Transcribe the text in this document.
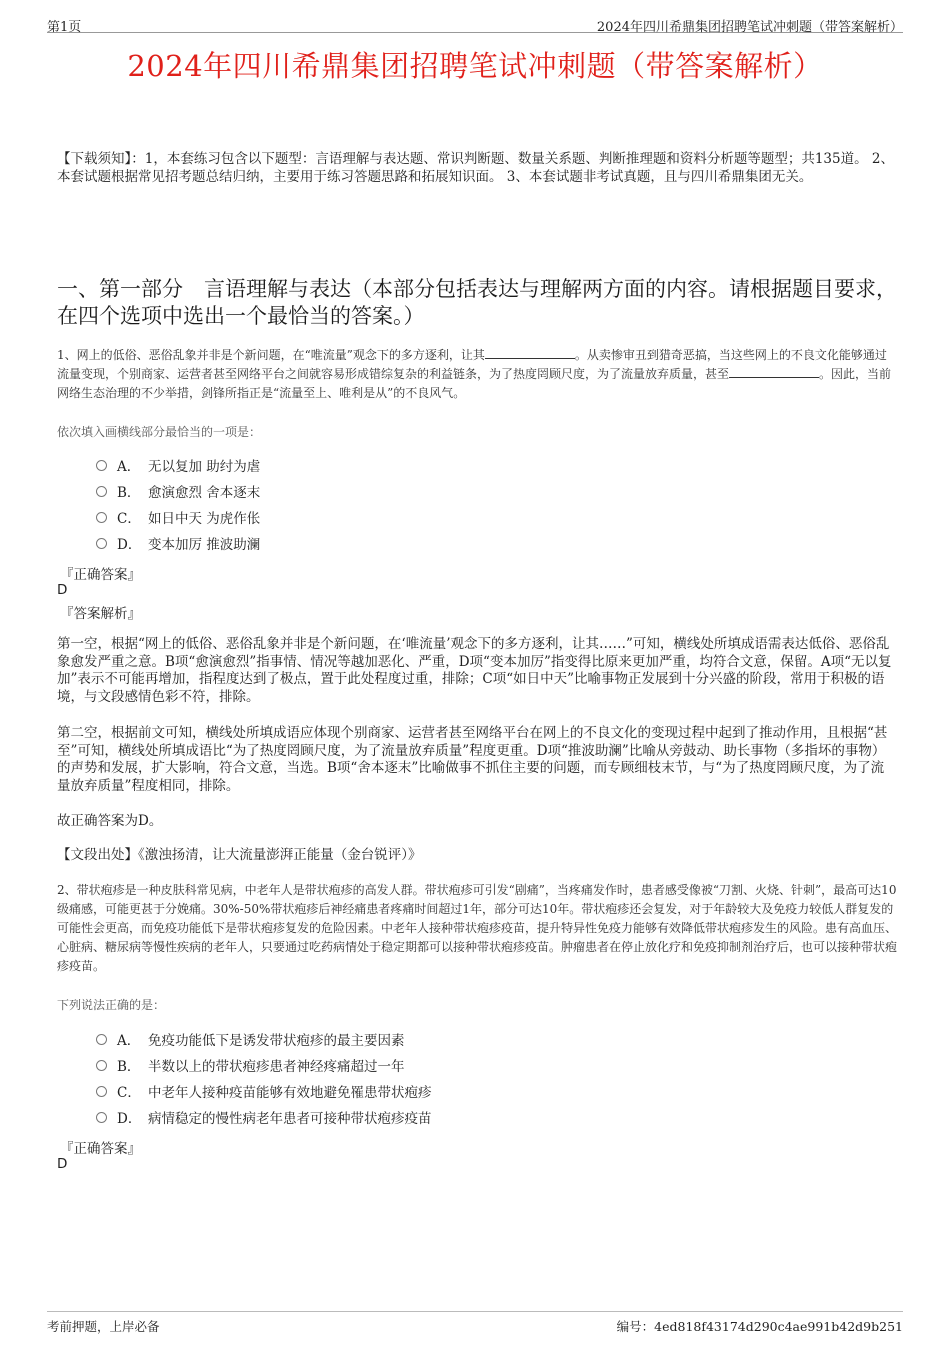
第1页	2024年四川希鼎集团招聘笔试冲刺题（带答案解析）
2024年四川希鼎集团招聘笔试冲刺题（带答案解析）
【下载须知】：1，本套练习包含以下题型：言语理解与表达题、常识判断题、数量关系题、判断推理题和资料分析题等题型；共135道。 2、本套试题根据常见招考题总结归纳，主要用于练习答题思路和拓展知识面。 3、本套试题非考试真题，且与四川希鼎集团无关。
一、第一部分　言语理解与表达（本部分包括表达与理解两方面的内容。请根据题目要求，在四个选项中选出一个最恰当的答案。）
1、网上的低俗、恶俗乱象并非是个新问题，在“唯流量”观念下的多方逐利，让其	。从卖惨审丑到猎奇恶搞，当这些网上的不良文化能够通过流量变现，个别商家、运营者甚至网络平台之间就容易形成错综复杂的利益链条，为了热度罔顾尺度，为了流量放弃质量，甚至	。因此，当前网络生态治理的不少举措，剑锋所指正是“流量至上、唯利是从”的不良风气。
依次填入画横线部分最恰当的一项是：
A． 无以复加 助纣为虐
B． 愈演愈烈 舍本逐末
C． 如日中天 为虎作伥
D． 变本加厉 推波助澜
『正确答案』
D
『答案解析』
第一空，根据“网上的低俗、恶俗乱象并非是个新问题，在‘唯流量’观念下的多方逐利，让其……”可知，横线处所填成语需表达低俗、恶俗乱象愈发严重之意。B项“愈演愈烈”指事情、情况等越加恶化、严重，D项“变本加厉”指变得比原来更加严重，均符合文意，保留。A项“无以复加”表示不可能再增加，指程度达到了极点，置于此处程度过重，排除；C项“如日中天”比喻事物正发展到十分兴盛的阶段，常用于积极的语境，与文段感情色彩不符，排除。
第二空，根据前文可知，横线处所填成语应体现个别商家、运营者甚至网络平台在网上的不良文化的变现过程中起到了推动作用，且根据“甚至”可知，横线处所填成语比“为了热度罔顾尺度，为了流量放弃质量”程度更重。D项“推波助澜”比喻从旁鼓动、助长事物（多指坏的事物）的声势和发展，扩大影响，符合文意，当选。B项“舍本逐末”比喻做事不抓住主要的问题，而专顾细枝末节，与“为了热度罔顾尺度，为了流量放弃质量”程度相同，排除。
故正确答案为D。
【文段出处】《激浊扬清，让大流量澎湃正能量（金台锐评）》
2、带状疱疹是一种皮肤科常见病，中老年人是带状疱疹的高发人群。带状疱疹可引发“剧痛”，当疼痛发作时，患者感受像被“刀割、火烧、针刺”，最高可达10级痛感，可能更甚于分娩痛。30%-50%带状疱疹后神经痛患者疼痛时间超过1年，部分可达10年。带状疱疹还会复发，对于年龄较大及免疫力较低人群复发的可能性会更高，而免疫功能低下是带状疱疹复发的危险因素。中老年人接种带状疱疹疫苗，提升特异性免疫力能够有效降低带状疱疹发生的风险。患有高血压、心脏病、糖尿病等慢性疾病的老年人，只要通过吃药病情处于稳定期都可以接种带状疱疹疫苗。肿瘤患者在停止放化疗和免疫抑制剂治疗后，也可以接种带状疱疹疫苗。
下列说法正确的是：
A． 免疫功能低下是诱发带状疱疹的最主要因素
B． 半数以上的带状疱疹患者神经疼痛超过一年
C． 中老年人接种疫苗能够有效地避免罹患带状疱疹
D． 病情稳定的慢性病老年患者可接种带状疱疹疫苗
『正确答案』
D
考前押题，上岸必备	编号：4ed818f43174d290c4ae991b42d9b251
